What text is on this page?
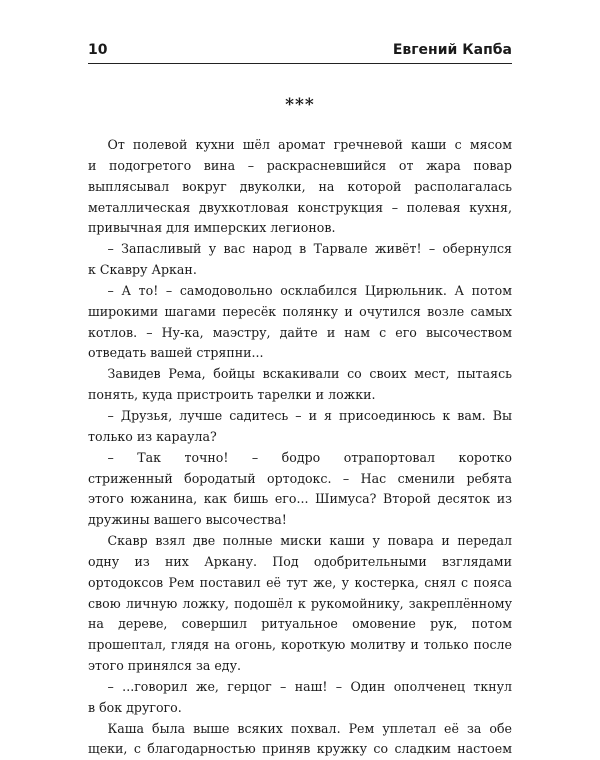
10	Евгений Капба
***
От полевой кухни шёл аромат гречневой каши с мясом
и подогретого вина – раскрасневшийся от жара повар
выплясывал вокруг двуколки, на которой располагалась
металлическая двухкотловая конструкция – полевая кухня,
привычная для имперских легионов.
– Запасливый у вас народ в Тарвале живёт! – обернулся
к Скавру Аркан.
– А то! – самодовольно осклабился Цирюльник. А потом
широкими шагами пересёк полянку и очутился возле самых
котлов. – Ну-ка, маэстру, дайте и нам с его высочеством
отведать вашей стряпни...
Завидев Рема, бойцы вскакивали со своих мест, пытаясь
понять, куда пристроить тарелки и ложки.
– Друзья, лучше садитесь – и я присоединюсь к вам. Вы
только из караула?
– Так точно! – бодро отрапортовал коротко
стриженный бородатый ортодокс. – Нас сменили ребята
этого южанина, как бишь его... Шимуса? Второй десяток из
дружины вашего высочества!
Скавр взял две полные миски каши у повара и передал
одну из них Аркану. Под одобрительными взглядами
ортодоксов Рем поставил её тут же, у костерка, снял с пояса
свою личную ложку, подошёл к рукомойнику, закреплённому
на дереве, совершил ритуальное омовение рук, потом
прошептал, глядя на огонь, короткую молитву и только после
этого принялся за еду.
– ...говорил же, герцог – наш! – Один ополченец ткнул
в бок другого.
Каша была выше всяких похвал. Рем уплетал её за обе
щеки, с благодарностью приняв кружку со сладким настоем
